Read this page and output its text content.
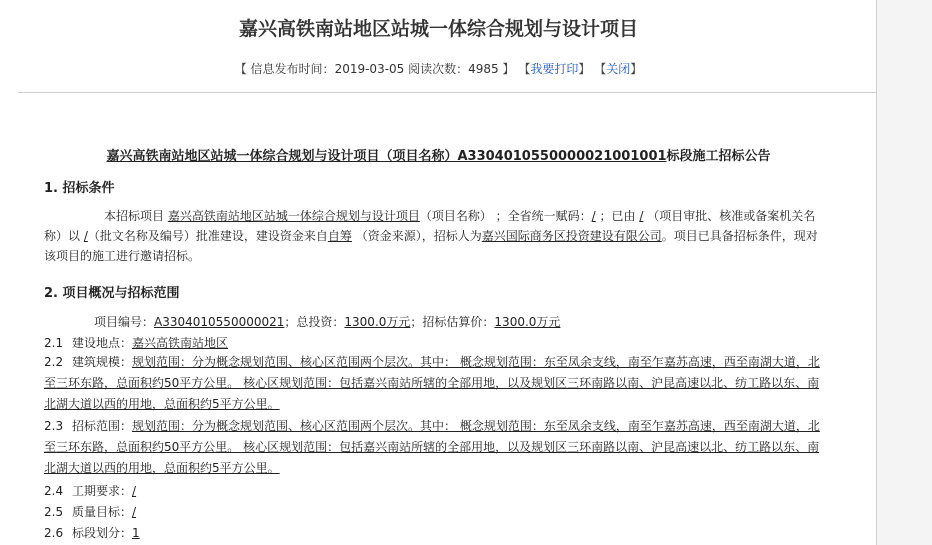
嘉兴高铁南站地区站城一体综合规划与设计项目
【 信息发布时间：2019-03-05 阅读次数：4985 】 【我要打印】 【关闭】
嘉兴高铁南站地区站城一体综合规划与设计项目（项目名称）A3304010550000021001001标段施工招标公告
1. 招标条件
本招标项目 嘉兴高铁南站地区站城一体综合规划与设计项目（项目名称） ；全省统一赋码：/ ；已由 / （项目审批、核准或备案机关名称）以 /（批文名称及编号）批准建设，建设资金来自自筹 （资金来源），招标人为嘉兴国际商务区投资建设有限公司。项目已具备招标条件，现对该项目的施工进行邀请招标。
2. 项目概况与招标范围
项目编号：A3304010550000021；总投资：1300.0万元；招标估算价：1300.0万元
2.1 建设地点：嘉兴高铁南站地区
2.2 建筑规模：规划范围：分为概念规划范围、核心区范围两个层次。其中： 概念规划范围：东至凤余支线，南至乍嘉苏高速，西至南湖大道，北至三环东路，总面积约50平方公里。 核心区规划范围：包括嘉兴南站所辖的全部用地，以及规划区三环南路以南、沪昆高速以北、纺工路以东、南北湖大道以西的用地，总面积约5平方公里。
2.3 招标范围：规划范围：分为概念规划范围、核心区范围两个层次。其中： 概念规划范围：东至凤余支线，南至乍嘉苏高速，西至南湖大道，北至三环东路，总面积约50平方公里。 核心区规划范围：包括嘉兴南站所辖的全部用地，以及规划区三环南路以南、沪昆高速以北、纺工路以东、南北湖大道以西的用地，总面积约5平方公里。
2.4 工期要求：/
2.5 质量目标：/
2.6 标段划分：1
